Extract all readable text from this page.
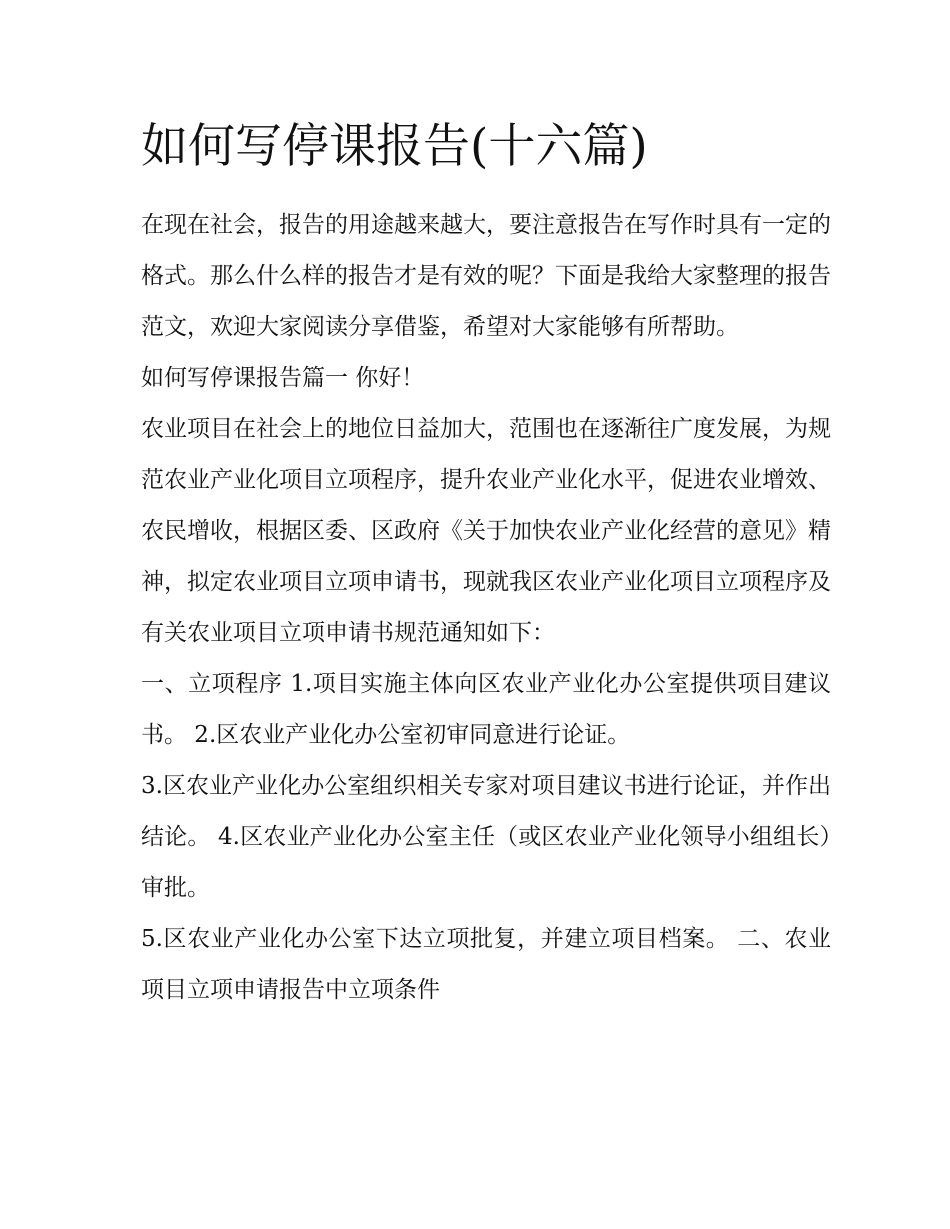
如何写停课报告(十六篇)

在现在社会，报告的用途越来越大，要注意报告在写作时具有一定的格式。那么什么样的报告才是有效的呢？下面是我给大家整理的报告范文，欢迎大家阅读分享借鉴，希望对大家能够有所帮助。

如何写停课报告篇一 你好！

农业项目在社会上的地位日益加大，范围也在逐渐往广度发展，为规范农业产业化项目立项程序，提升农业产业化水平，促进农业增效、农民增收，根据区委、区政府《关于加快农业产业化经营的意见》精神，拟定农业项目立项申请书，现就我区农业产业化项目立项程序及有关农业项目立项申请书规范通知如下：

一、立项程序 1.项目实施主体向区农业产业化办公室提供项目建议书。 2.区农业产业化办公室初审同意进行论证。

3.区农业产业化办公室组织相关专家对项目建议书进行论证，并作出结论。 4.区农业产业化办公室主任（或区农业产业化领导小组组长）审批。

5.区农业产业化办公室下达立项批复，并建立项目档案。 二、农业项目立项申请报告中立项条件
